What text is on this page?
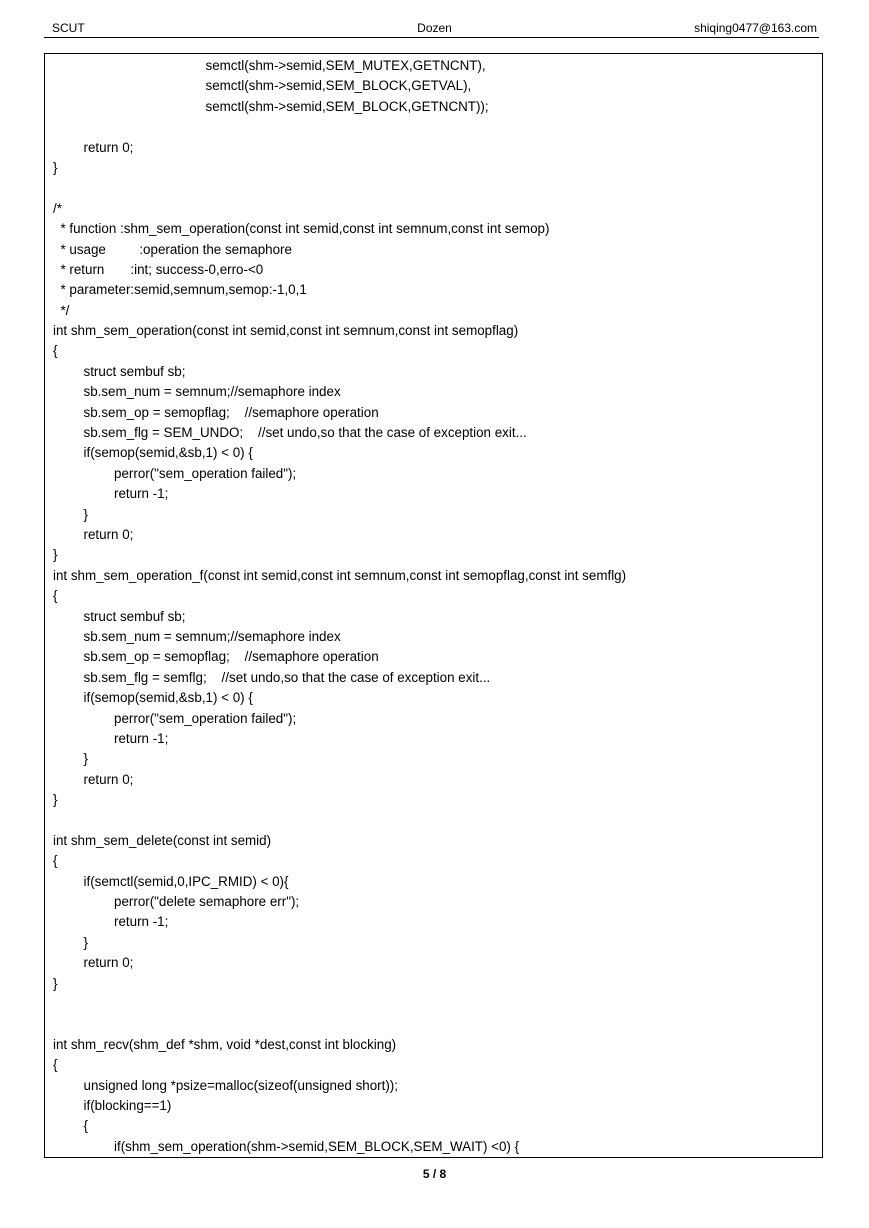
SCUT	Dozen	shiqing0477@163.com
semctl(shm->semid,SEM_MUTEX,GETNCNT),
semctl(shm->semid,SEM_BLOCK,GETVAL),
semctl(shm->semid,SEM_BLOCK,GETNCNT));
return 0;
}
/*
* function :shm_sem_operation(const int semid,const int semnum,const int semop)
* usage         :operation the semaphore
* return       :int; success-0,erro-<0
* parameter:semid,semnum,semop:-1,0,1
*/
int shm_sem_operation(const int semid,const int semnum,const int semopflag)
{
struct sembuf sb;
sb.sem_num = semnum;//semaphore index
sb.sem_op = semopflag;    //semaphore operation
sb.sem_flg = SEM_UNDO;    //set undo,so that the case of exception exit...
if(semop(semid,&sb,1) < 0) {
perror("sem_operation failed");
return -1;
}
return 0;
}
int shm_sem_operation_f(const int semid,const int semnum,const int semopflag,const int semflg)
{
struct sembuf sb;
sb.sem_num = semnum;//semaphore index
sb.sem_op = semopflag;    //semaphore operation
sb.sem_flg = semflg;    //set undo,so that the case of exception exit...
if(semop(semid,&sb,1) < 0) {
perror("sem_operation failed");
return -1;
}
return 0;
}
int shm_sem_delete(const int semid)
{
if(semctl(semid,0,IPC_RMID) < 0){
perror("delete semaphore err");
return -1;
}
return 0;
}
int shm_recv(shm_def *shm, void *dest,const int blocking)
{
unsigned long *psize=malloc(sizeof(unsigned short));
if(blocking==1)
{
if(shm_sem_operation(shm->semid,SEM_BLOCK,SEM_WAIT) <0) {
5 / 8
